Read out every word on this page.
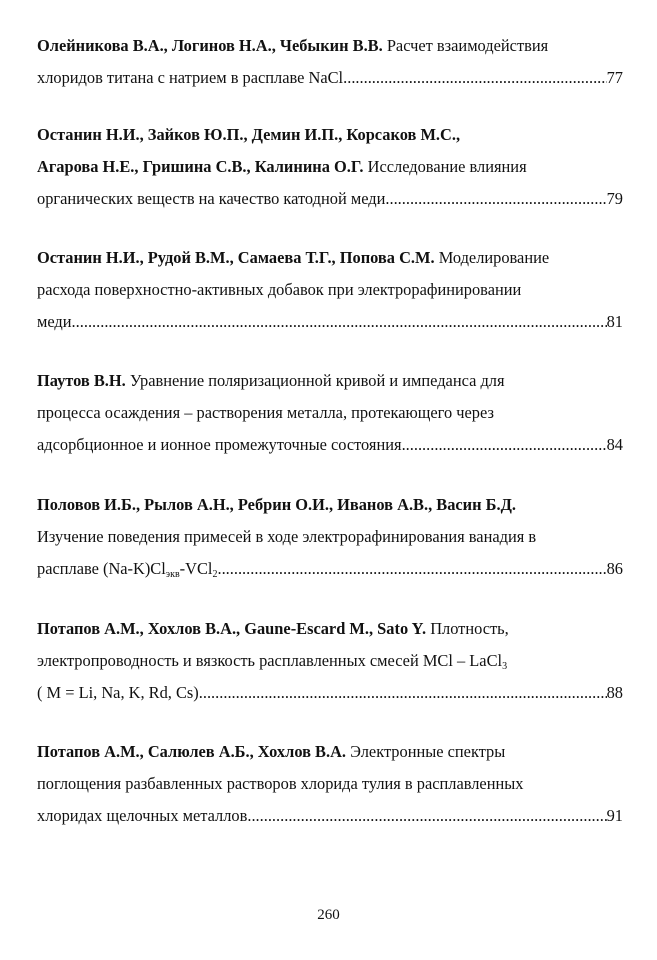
Олейникова В.А., Логинов Н.А., Чебыкин В.В. Расчет взаимодействия
хлоридов титана с натрием в расплаве NaCl .....	77
Останин Н.И., Зайков Ю.П., Демин И.П., Корсаков М.С.,
Агарова Н.Е., Гришина С.В., Калинина О.Г. Исследование влияния
органических веществ на качество катодной меди .....	79
Останин Н.И., Рудой В.М., Самаева Т.Г., Попова С.М. Моделирование
расхода поверхностно-активных добавок при электрорафинировании
меди .....	81
Паутов В.Н. Уравнение поляризационной кривой и импеданса для
процесса осаждения – растворения металла, протекающего через
адсорбционное и ионное промежуточные состояния .....	84
Половов И.Б., Рылов А.Н., Ребрин О.И., Иванов А.В., Васин Б.Д.
Изучение поведения примесей в ходе электрорафинирования ванадия в
расплаве $(Na-K)Cl_{экв}-VCl_2$ .....	86
Потапов А.М., Хохлов В.А., Gaune-Escard M., Sato Y. Плотность,
электропроводность и вязкость расплавленных смесей MCl – LaCl$_3$
( M = Li, Na, K, Rd, Cs) .....	88
Потапов А.М., Салюлев А.Б., Хохлов В.А. Электронные спектры
поглощения разбавленных растворов хлорида тулия в расплавленных
хлоридах щелочных металлов .....	91
260
